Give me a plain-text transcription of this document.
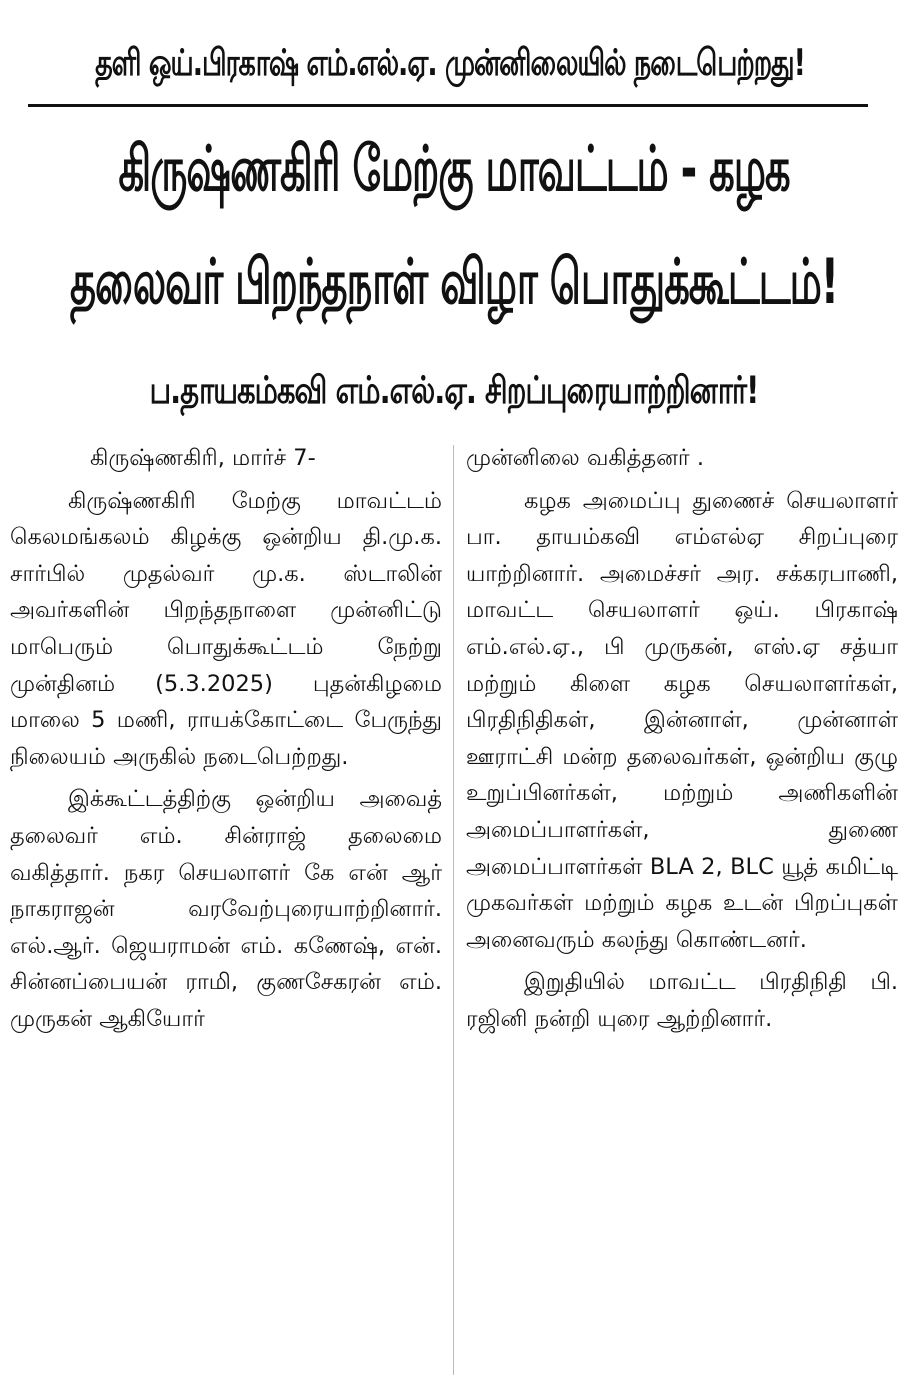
தளி ஒய்.பிரகாஷ் எம்.எல்.ஏ. முன்னிலையில் நடைபெற்றது!
கிருஷ்ணகிரி மேற்கு மாவட்டம் - கழக
தலைவர் பிறந்தநாள் விழா பொதுக்கூட்டம்!
ப.தாயகம்கவி எம்.எல்.ஏ. சிறப்புரையாற்றினார்!

கிருஷ்ணகிரி, மார்ச் 7-

கிருஷ்ணகிரி மேற்கு மாவட்டம் கெலமங்கலம் கிழக்கு ஒன்றிய தி.மு.க. சார்பில் முதல்வர் மு.க. ஸ்டாலின் அவர்களின் பிறந்தநாளை முன்னிட்டு மாபெரும் பொதுக்கூட்டம் நேற்று முன்தினம் (5.3.2025) புதன்கிழமை மாலை 5 மணி, ராயக்கோட்டை பேருந்து நிலையம் அருகில் நடைபெற்றது.

இக்கூட்டத்திற்கு ஒன்றிய அவைத் தலைவர் எம். சின்ராஜ் தலைமை வகித்தார். நகர செயலாளர் கே என் ஆர் நாகராஜன் வரவேற்புரையாற்றினார். எல்.ஆர். ஜெயராமன் எம். கணேஷ், என். சின்னப்பையன் ராமி, குணசேகரன் எம். முருகன் ஆகியோர்

முன்னிலை வகித்தனர் .

கழக அமைப்பு துணைச் செயலாளர் பா. தாயம்கவி எம்எல்ஏ சிறப்புரை யாற்றினார். அமைச்சர் அர. சக்கரபாணி, மாவட்ட செயலாளர் ஒய். பிரகாஷ் எம்.எல்.ஏ., பி முருகன், எஸ்.ஏ சத்யா மற்றும் கிளை கழக செயலாளர்கள், பிரதிநிதிகள், இன்னாள், முன்னாள் ஊராட்சி மன்ற தலைவர்கள், ஒன்றிய குழு உறுப்பினர்கள், மற்றும் அணிகளின் அமைப்பாளர்கள், துணை அமைப்பாளர்கள் BLA 2, BLC யூத் கமிட்டி முகவர்கள் மற்றும் கழக உடன் பிறப்புகள் அனைவரும் கலந்து கொண்டனர்.

இறுதியில் மாவட்ட பிரதிநிதி பி. ரஜினி நன்றி யுரை ஆற்றினார்.
